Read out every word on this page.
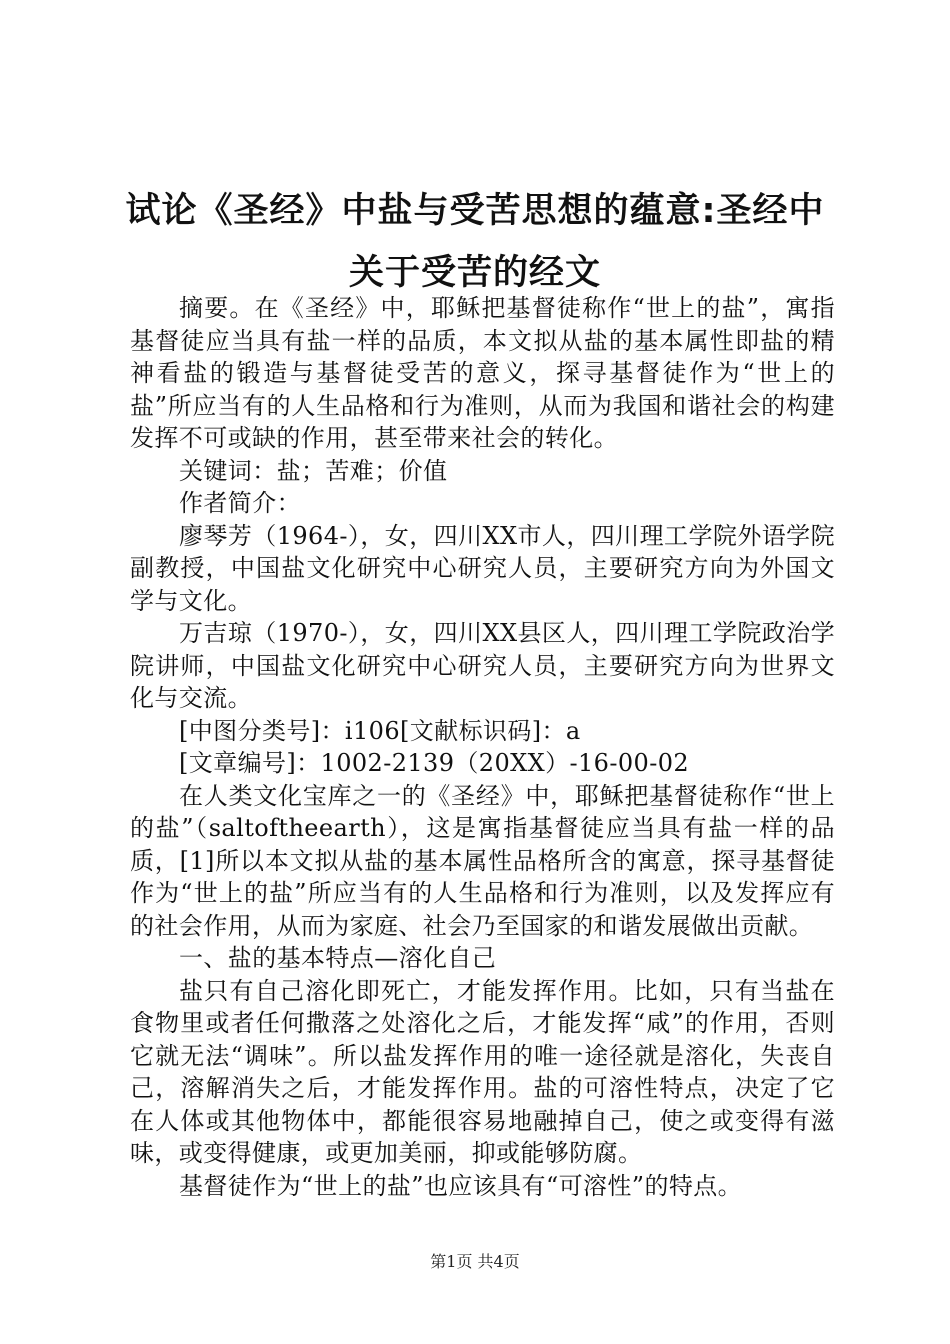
试论《圣经》中盐与受苦思想的蕴意:圣经中
关于受苦的经文

摘要。在《圣经》中，耶稣把基督徒称作“世上的盐”，寓指基督徒应当具有盐一样的品质，本文拟从盐的基本属性即盐的精神看盐的锻造与基督徒受苦的意义，探寻基督徒作为“世上的盐”所应当有的人生品格和行为准则，从而为我国和谐社会的构建发挥不可或缺的作用，甚至带来社会的转化。

关键词：盐；苦难；价值

作者简介：

廖琴芳（1964-），女，四川XX市人，四川理工学院外语学院副教授，中国盐文化研究中心研究人员，主要研究方向为外国文学与文化。

万吉琼（1970-），女，四川XX县区人，四川理工学院政治学院讲师，中国盐文化研究中心研究人员，主要研究方向为世界文化与交流。

[中图分类号]：i106[文献标识码]：a

[文章编号]：1002-2139（20XX）-16-00-02

在人类文化宝库之一的《圣经》中，耶稣把基督徒称作“世上的盐”（saltoftheearth），这是寓指基督徒应当具有盐一样的品质，[1]所以本文拟从盐的基本属性品格所含的寓意，探寻基督徒作为“世上的盐”所应当有的人生品格和行为准则，以及发挥应有的社会作用，从而为家庭、社会乃至国家的和谐发展做出贡献。

一、盐的基本特点—溶化自己

盐只有自己溶化即死亡，才能发挥作用。比如，只有当盐在食物里或者任何撒落之处溶化之后，才能发挥“咸”的作用，否则它就无法“调味”。所以盐发挥作用的唯一途径就是溶化，失丧自己，溶解消失之后，才能发挥作用。盐的可溶性特点，决定了它在人体或其他物体中，都能很容易地融掉自己，使之或变得有滋味，或变得健康，或更加美丽，抑或能够防腐。

基督徒作为“世上的盐”也应该具有“可溶性”的特点。

第1页 共4页
